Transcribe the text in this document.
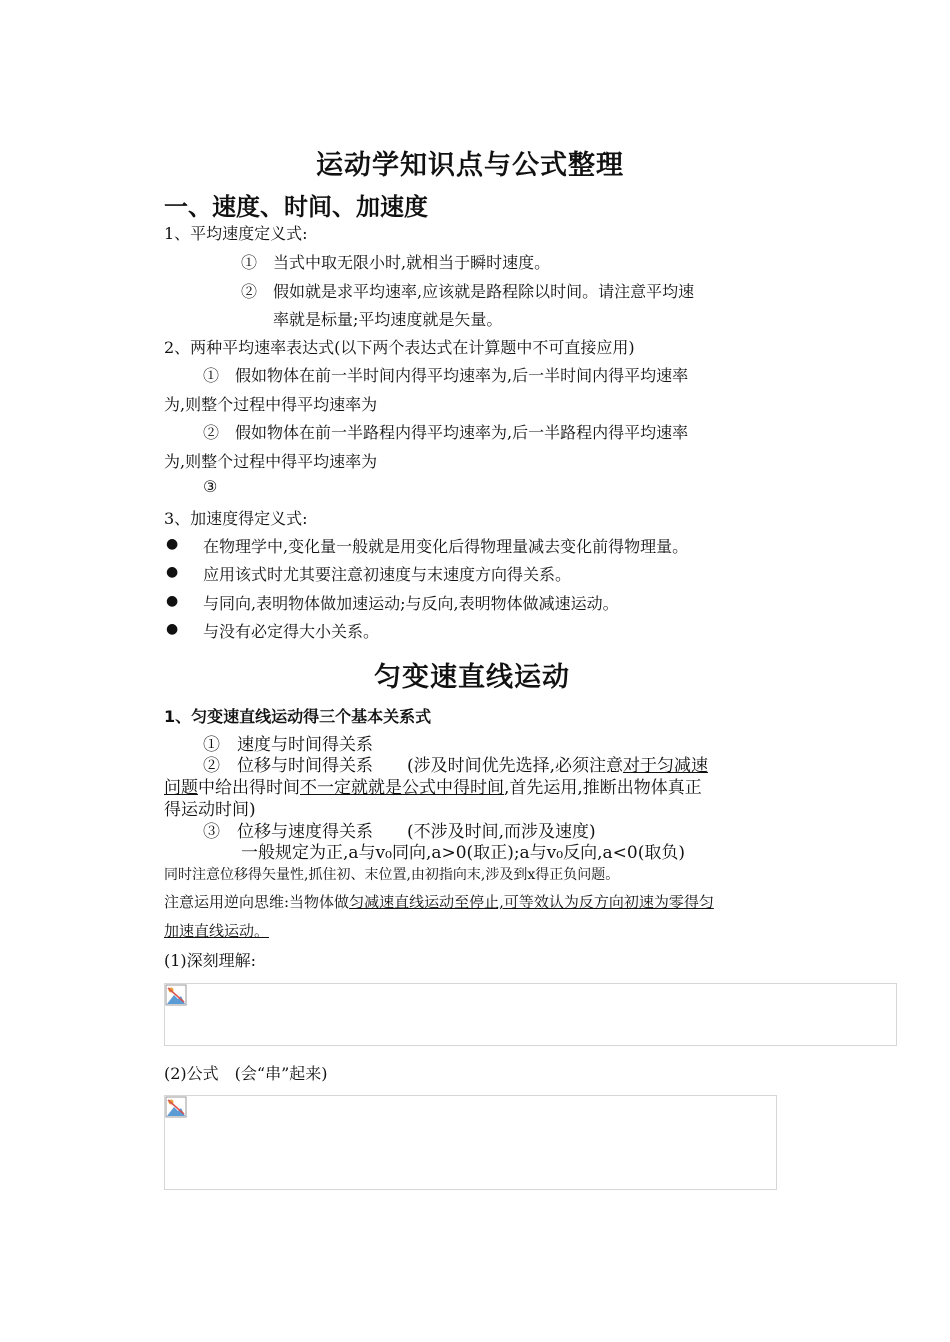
运动学知识点与公式整理
一、速度、时间、加速度
1、平均速度定义式:
①　当式中取无限小时,就相当于瞬时速度。
②　假如就是求平均速率,应该就是路程除以时间。请注意平均速
率就是标量;平均速度就是矢量。
2、两种平均速率表达式(以下两个表达式在计算题中不可直接应用)
①　假如物体在前一半时间内得平均速率为,后一半时间内得平均速率
为,则整个过程中得平均速率为
②　假如物体在前一半路程内得平均速率为,后一半路程内得平均速率
为,则整个过程中得平均速率为
③
3、加速度得定义式:
● 在物理学中,变化量一般就是用变化后得物理量减去变化前得物理量。
● 应用该式时尤其要注意初速度与末速度方向得关系。
● 与同向,表明物体做加速运动;与反向,表明物体做减速运动。
● 与没有必定得大小关系。
匀变速直线运动
1、匀变速直线运动得三个基本关系式
①　速度与时间得关系
②　位移与时间得关系　　(涉及时间优先选择,必须注意对于匀减速
问题中给出得时间不一定就就是公式中得时间,首先运用,推断出物体真正
得运动时间)
③　位移与速度得关系　　(不涉及时间,而涉及速度)
一般规定为正,a与v₀同向,a>0(取正);a与v₀反向,a<0(取负)
同时注意位移得矢量性,抓住初、末位置,由初指向末,涉及到x得正负问题。
注意运用逆向思维:当物体做匀减速直线运动至停止,可等效认为反方向初速为零得匀
加速直线运动。
(1)深刻理解:
(2)公式　(会“串”起来)
